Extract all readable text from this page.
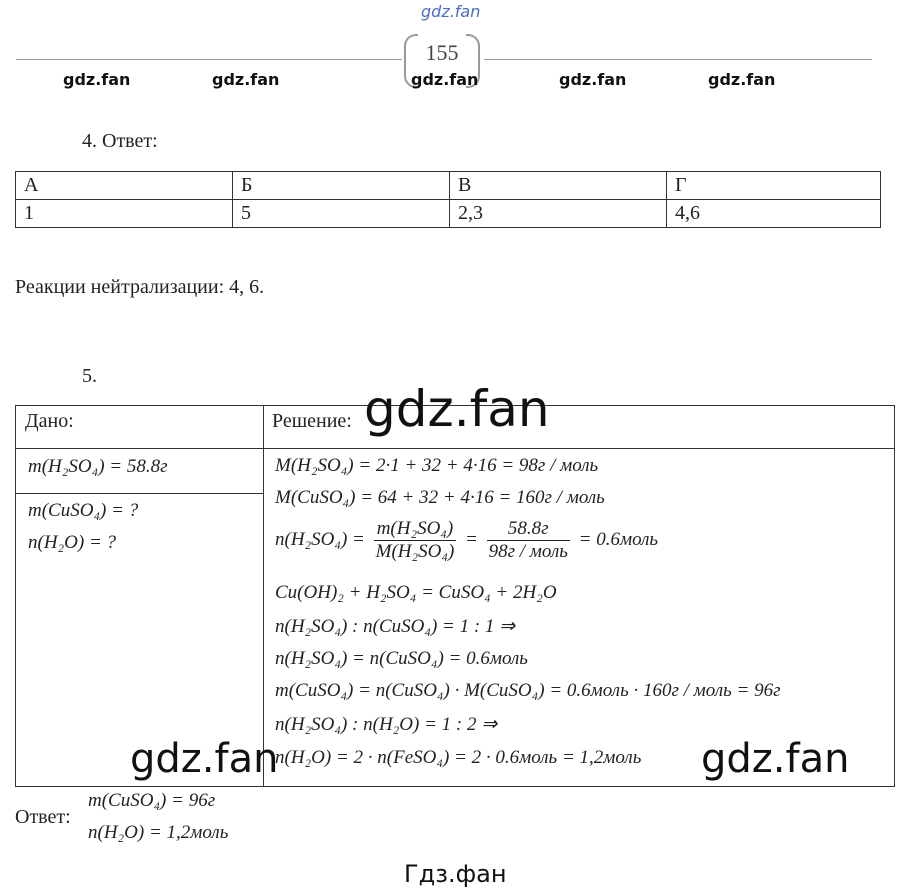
gdz.fan
155
gdz.fan	gdz.fan	gdz.fan	gdz.fan	gdz.fan
4. Ответ:
А	Б	В	Г
1	5	2,3	4,6
Реакции нейтрализации: 4, 6.
5.
Дано:	Решение:
m(H₂SO₄) = 58.8г
m(CuSO₄) = ?
n(H₂O) = ?
M(H₂SO₄) = 2·1 + 32 + 4·16 = 98г / моль
M(CuSO₄) = 64 + 32 + 4·16 = 160г / моль
$n(H_2SO_4) = \frac{\text{m(H₂SO₄)}}{\text{M(H₂SO₄)}} = \frac{58.8г}{\text{98г / моль}}$ = 0.6моль
Cu(OH)₂ + H₂SO₄ = CuSO₄ + 2H₂O
n(H₂SO₄) : n(CuSO₄) = 1 : 1 ⇒
n(H₂SO₄) = n(CuSO₄) = 0.6моль
m(CuSO₄) = n(CuSO₄) · M(CuSO₄) = 0.6моль · 160г / моль = 96г
n(H₂SO₄) : n(H₂O) = 1 : 2 ⇒
n(H₂O) = 2 · n(FeSO₄) = 2 · 0.6моль = 1,2моль
Ответ:
m(CuSO₄) = 96г
n(H₂O) = 1,2моль
gdz.fan
gdz.fan	gdz.fan
Гдз.фан
